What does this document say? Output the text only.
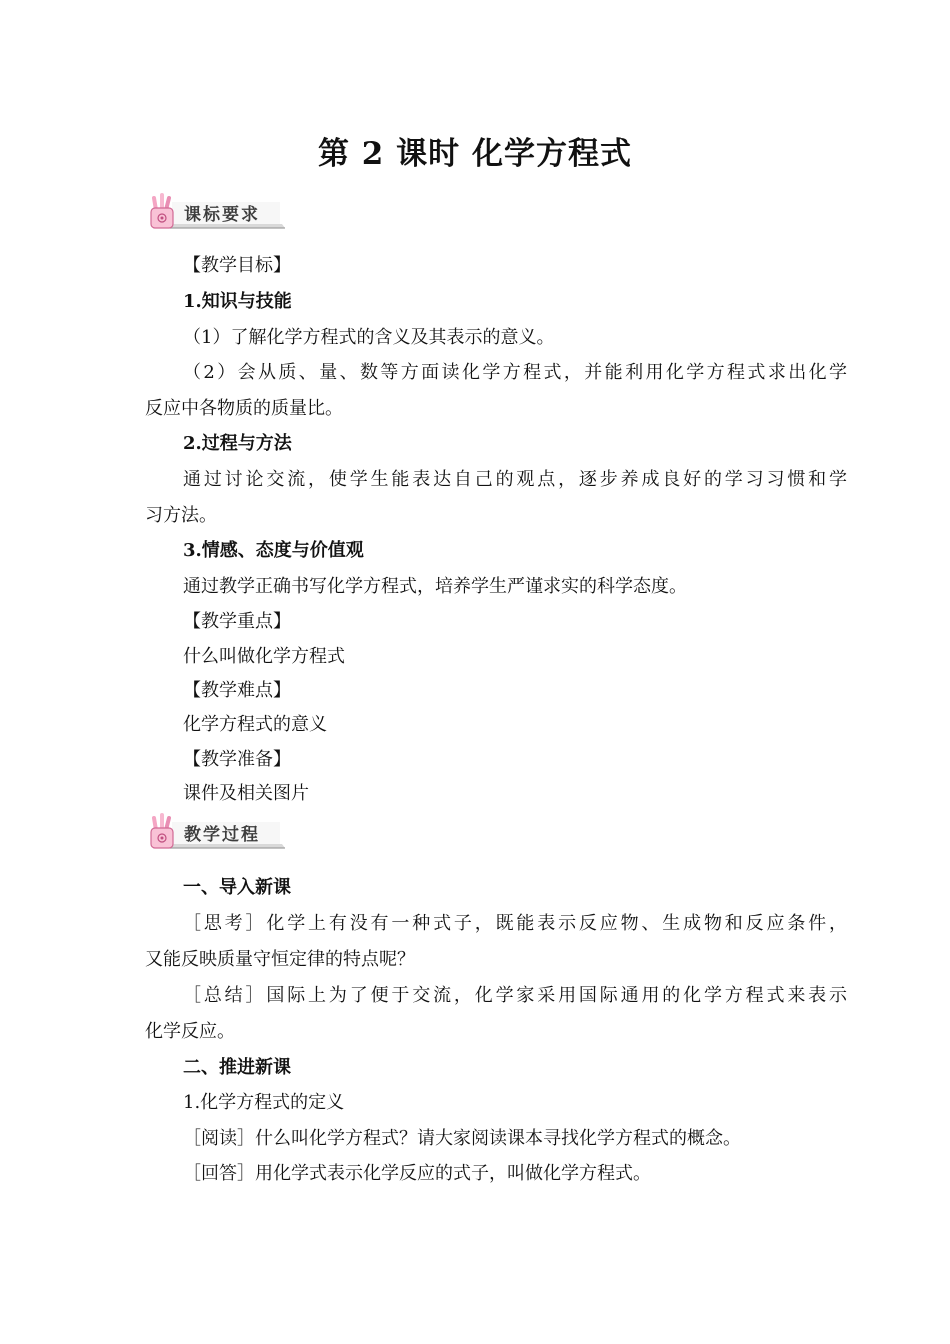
第 2 课时 化学方程式
课标要求
【教学目标】
1.知识与技能
（1）了解化学方程式的含义及其表示的意义。
（2）会从质、量、数等方面读化学方程式，并能利用化学方程式求出化学
反应中各物质的质量比。
2.过程与方法
通过讨论交流，使学生能表达自己的观点，逐步养成良好的学习习惯和学
习方法。
3.情感、态度与价值观
通过教学正确书写化学方程式，培养学生严谨求实的科学态度。
【教学重点】
什么叫做化学方程式
【教学难点】
化学方程式的意义
【教学准备】
课件及相关图片
教学过程
一、导入新课
［思考］化学上有没有一种式子，既能表示反应物、生成物和反应条件，
又能反映质量守恒定律的特点呢？
［总结］国际上为了便于交流，化学家采用国际通用的化学方程式来表示
化学反应。
二、推进新课
1.化学方程式的定义
［阅读］什么叫化学方程式？请大家阅读课本寻找化学方程式的概念。
［回答］用化学式表示化学反应的式子，叫做化学方程式。
